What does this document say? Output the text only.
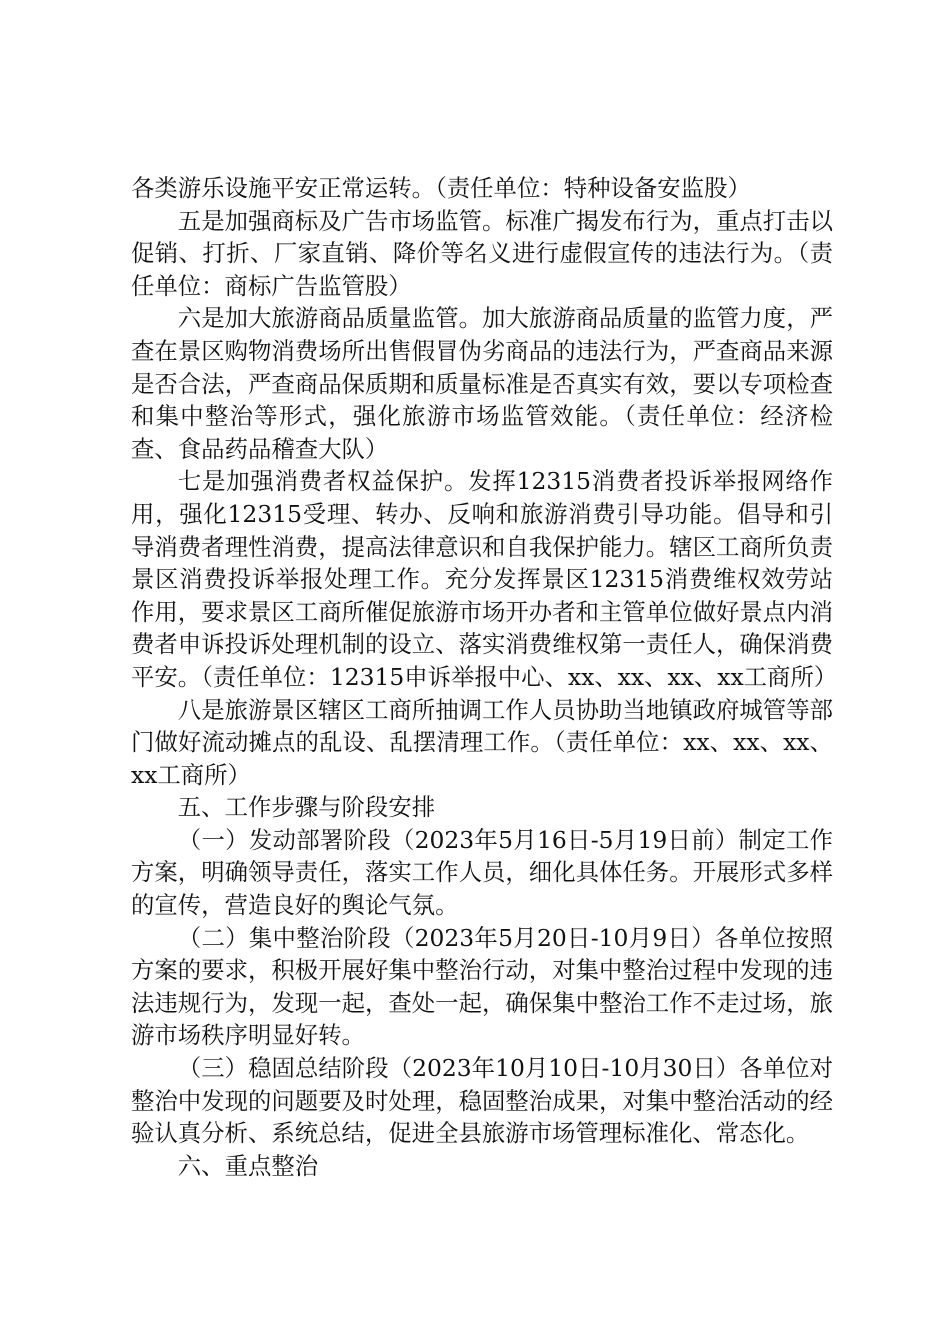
各类游乐设施平安正常运转。（责任单位：特种设备安监股）

五是加强商标及广告市场监管。标准广揭发布行为，重点打击以促销、打折、厂家直销、降价等名义进行虚假宣传的违法行为。（责任单位：商标广告监管股）

六是加大旅游商品质量监管。加大旅游商品质量的监管力度，严查在景区购物消费场所出售假冒伪劣商品的违法行为，严查商品来源是否合法，严查商品保质期和质量标准是否真实有效，要以专项检查和集中整治等形式，强化旅游市场监管效能。（责任单位：经济检查、食品药品稽查大队）

七是加强消费者权益保护。发挥12315消费者投诉举报网络作用，强化12315受理、转办、反响和旅游消费引导功能。倡导和引导消费者理性消费，提高法律意识和自我保护能力。辖区工商所负责景区消费投诉举报处理工作。充分发挥景区12315消费维权效劳站作用，要求景区工商所催促旅游市场开办者和主管单位做好景点内消费者申诉投诉处理机制的设立、落实消费维权第一责任人，确保消费平安。（责任单位：12315申诉举报中心、xx、xx、xx、xx工商所）

八是旅游景区辖区工商所抽调工作人员协助当地镇政府城管等部门做好流动摊点的乱设、乱摆清理工作。（责任单位：xx、xx、xx、xx工商所）

五、工作步骤与阶段安排

（一）发动部署阶段（2023年5月16日-5月19日前）制定工作方案，明确领导责任，落实工作人员，细化具体任务。开展形式多样的宣传，营造良好的舆论气氛。

（二）集中整治阶段（2023年5月20日-10月9日）各单位按照方案的要求，积极开展好集中整治行动，对集中整治过程中发现的违法违规行为，发现一起，查处一起，确保集中整治工作不走过场，旅游市场秩序明显好转。

（三）稳固总结阶段（2023年10月10日-10月30日）各单位对整治中发现的问题要及时处理，稳固整治成果，对集中整治活动的经验认真分析、系统总结，促进全县旅游市场管理标准化、常态化。

六、重点整治
